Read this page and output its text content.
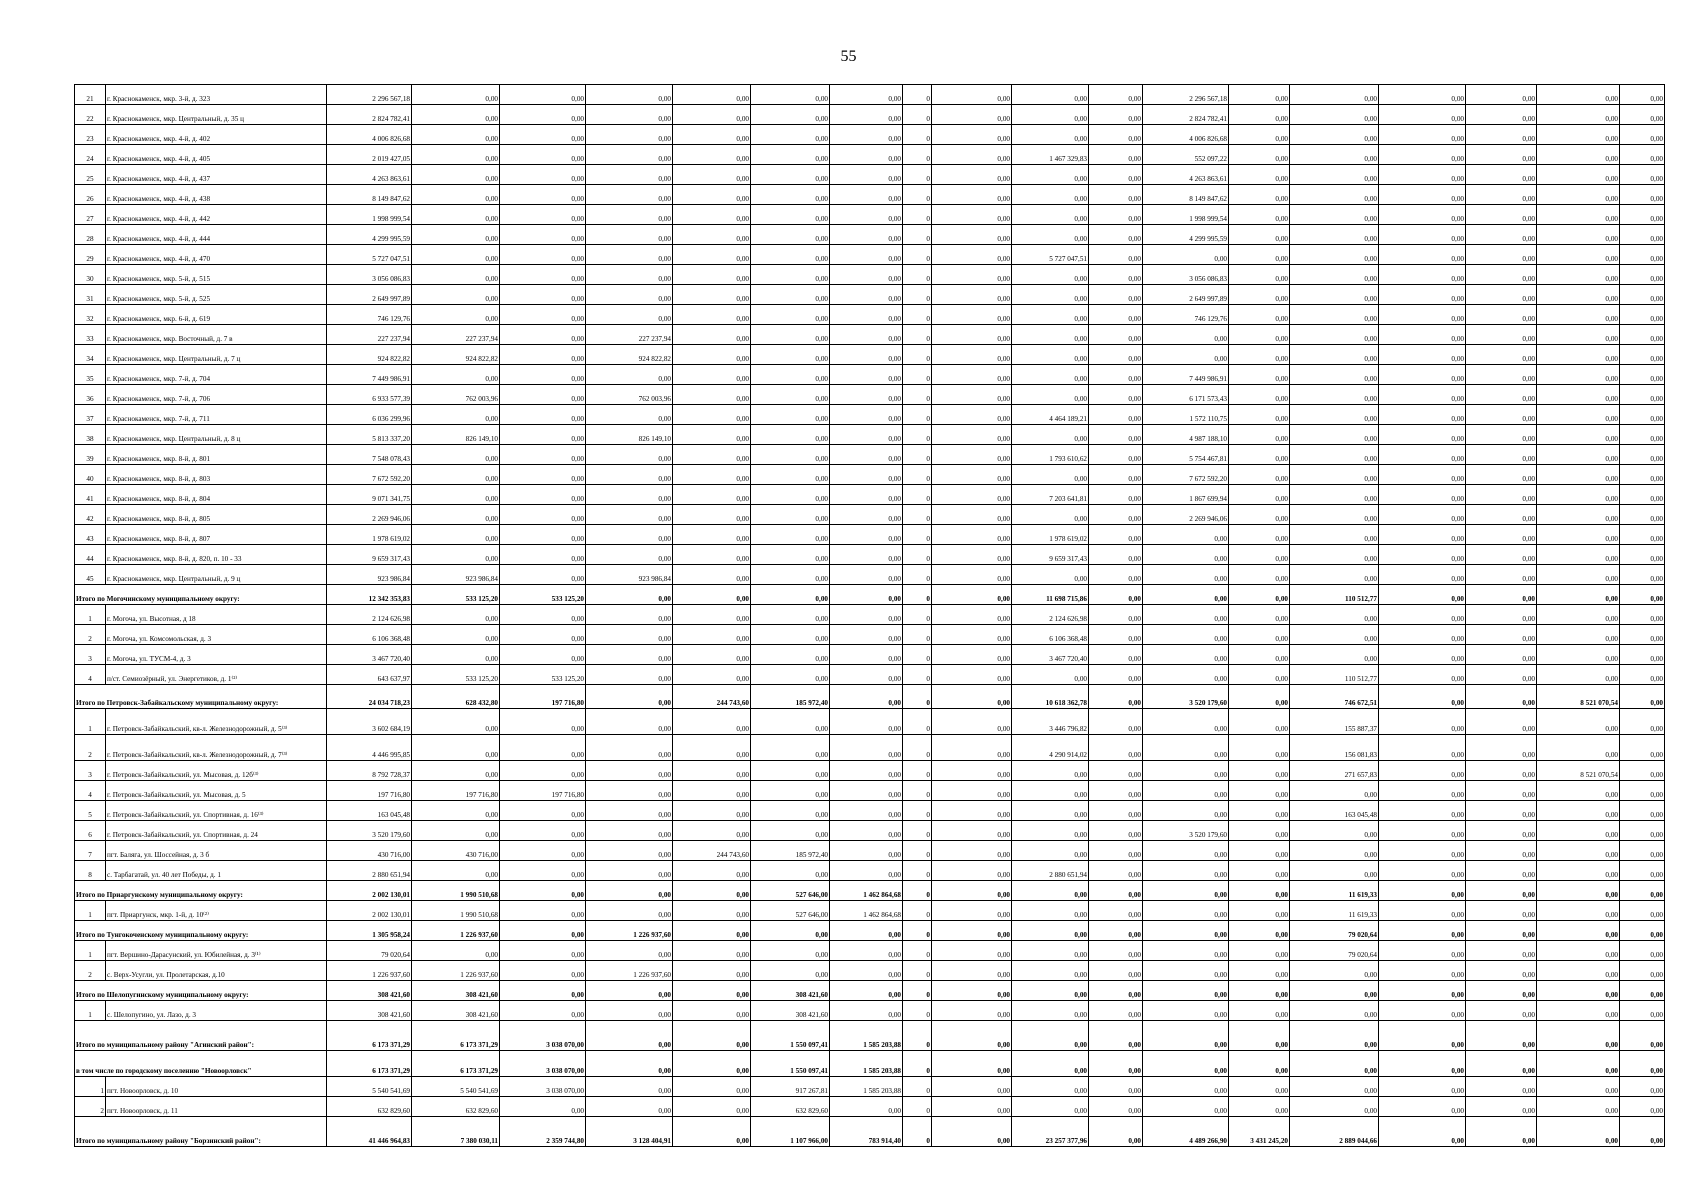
55
21	г. Краснокаменск, мкр. 3-й, д. 323	2 296 567,18	0,00	0,00	0,00	0,00	0,00	0,00	0	0,00	0,00	0,00	2 296 567,18	0,00	0,00	0,00	0,00	0,00	0,00
22	г. Краснокаменск, мкр. Центральный, д. 35 ц	2 824 782,41	0,00	0,00	0,00	0,00	0,00	0,00	0	0,00	0,00	0,00	2 824 782,41	0,00	0,00	0,00	0,00	0,00	0,00
23	г. Краснокаменск, мкр. 4-й, д. 402	4 006 826,68	0,00	0,00	0,00	0,00	0,00	0,00	0	0,00	0,00	0,00	4 006 826,68	0,00	0,00	0,00	0,00	0,00	0,00
24	г. Краснокаменск, мкр. 4-й, д. 405	2 019 427,05	0,00	0,00	0,00	0,00	0,00	0,00	0	0,00	1 467 329,83	0,00	552 097,22	0,00	0,00	0,00	0,00	0,00	0,00
25	г. Краснокаменск, мкр. 4-й, д. 437	4 263 863,61	0,00	0,00	0,00	0,00	0,00	0,00	0	0,00	0,00	0,00	4 263 863,61	0,00	0,00	0,00	0,00	0,00	0,00
26	г. Краснокаменск, мкр. 4-й, д. 438	8 149 847,62	0,00	0,00	0,00	0,00	0,00	0,00	0	0,00	0,00	0,00	8 149 847,62	0,00	0,00	0,00	0,00	0,00	0,00
27	г. Краснокаменск, мкр. 4-й, д. 442	1 998 999,54	0,00	0,00	0,00	0,00	0,00	0,00	0	0,00	0,00	0,00	1 998 999,54	0,00	0,00	0,00	0,00	0,00	0,00
28	г. Краснокаменск, мкр. 4-й, д. 444	4 299 995,59	0,00	0,00	0,00	0,00	0,00	0,00	0	0,00	0,00	0,00	4 299 995,59	0,00	0,00	0,00	0,00	0,00	0,00
29	г. Краснокаменск, мкр. 4-й, д. 470	5 727 047,51	0,00	0,00	0,00	0,00	0,00	0,00	0	0,00	5 727 047,51	0,00	0,00	0,00	0,00	0,00	0,00	0,00	0,00
30	г. Краснокаменск, мкр. 5-й, д. 515	3 056 086,83	0,00	0,00	0,00	0,00	0,00	0,00	0	0,00	0,00	0,00	3 056 086,83	0,00	0,00	0,00	0,00	0,00	0,00
31	г. Краснокаменск, мкр. 5-й, д. 525	2 649 997,89	0,00	0,00	0,00	0,00	0,00	0,00	0	0,00	0,00	0,00	2 649 997,89	0,00	0,00	0,00	0,00	0,00	0,00
32	г. Краснокаменск, мкр. 6-й, д. 619	746 129,76	0,00	0,00	0,00	0,00	0,00	0,00	0	0,00	0,00	0,00	746 129,76	0,00	0,00	0,00	0,00	0,00	0,00
33	г. Краснокаменск, мкр. Восточный, д. 7 в	227 237,94	227 237,94	0,00	227 237,94	0,00	0,00	0,00	0	0,00	0,00	0,00	0,00	0,00	0,00	0,00	0,00	0,00	0,00
34	г. Краснокаменск, мкр. Центральный, д. 7 ц	924 822,82	924 822,82	0,00	924 822,82	0,00	0,00	0,00	0	0,00	0,00	0,00	0,00	0,00	0,00	0,00	0,00	0,00	0,00
35	г. Краснокаменск, мкр. 7-й, д. 704	7 449 986,91	0,00	0,00	0,00	0,00	0,00	0,00	0	0,00	0,00	0,00	7 449 986,91	0,00	0,00	0,00	0,00	0,00	0,00
36	г. Краснокаменск, мкр. 7-й, д. 706	6 933 577,39	762 003,96	0,00	762 003,96	0,00	0,00	0,00	0	0,00	0,00	0,00	6 171 573,43	0,00	0,00	0,00	0,00	0,00	0,00
37	г. Краснокаменск, мкр. 7-й, д. 711	6 036 299,96	0,00	0,00	0,00	0,00	0,00	0,00	0	0,00	4 464 189,21	0,00	1 572 110,75	0,00	0,00	0,00	0,00	0,00	0,00
38	г. Краснокаменск, мкр. Центральный, д. 8 ц	5 813 337,20	826 149,10	0,00	826 149,10	0,00	0,00	0,00	0	0,00	0,00	0,00	4 987 188,10	0,00	0,00	0,00	0,00	0,00	0,00
39	г. Краснокаменск, мкр. 8-й, д. 801	7 548 078,43	0,00	0,00	0,00	0,00	0,00	0,00	0	0,00	1 793 610,62	0,00	5 754 467,81	0,00	0,00	0,00	0,00	0,00	0,00
40	г. Краснокаменск, мкр. 8-й, д. 803	7 672 592,20	0,00	0,00	0,00	0,00	0,00	0,00	0	0,00	0,00	0,00	7 672 592,20	0,00	0,00	0,00	0,00	0,00	0,00
41	г. Краснокаменск, мкр. 8-й, д. 804	9 071 341,75	0,00	0,00	0,00	0,00	0,00	0,00	0	0,00	7 203 641,81	0,00	1 867 699,94	0,00	0,00	0,00	0,00	0,00	0,00
42	г. Краснокаменск, мкр. 8-й, д. 805	2 269 946,06	0,00	0,00	0,00	0,00	0,00	0,00	0	0,00	0,00	0,00	2 269 946,06	0,00	0,00	0,00	0,00	0,00	0,00
43	г. Краснокаменск, мкр. 8-й, д. 807	1 978 619,02	0,00	0,00	0,00	0,00	0,00	0,00	0	0,00	1 978 619,02	0,00	0,00	0,00	0,00	0,00	0,00	0,00	0,00
44	г. Краснокаменск, мкр. 8-й, д. 820, п. 10 - 33	9 659 317,43	0,00	0,00	0,00	0,00	0,00	0,00	0	0,00	9 659 317,43	0,00	0,00	0,00	0,00	0,00	0,00	0,00	0,00
45	г. Краснокаменск, мкр. Центральный, д. 9 ц	923 986,84	923 986,84	0,00	923 986,84	0,00	0,00	0,00	0	0,00	0,00	0,00	0,00	0,00	0,00	0,00	0,00	0,00	0,00
Итого по Могочинскому муниципальному округу:		12 342 353,83	533 125,20	533 125,20	0,00	0,00	0,00	0,00	0	0,00	11 698 715,86	0,00	0,00	0,00	110 512,77	0,00	0,00	0,00	0,00
1	г. Могоча, ул. Высотная, д 18	2 124 626,98	0,00	0,00	0,00	0,00	0,00	0,00	0	0,00	2 124 626,98	0,00	0,00	0,00	0,00	0,00	0,00	0,00	0,00
2	г. Могоча, ул. Комсомольская, д. 3	6 106 368,48	0,00	0,00	0,00	0,00	0,00	0,00	0	0,00	6 106 368,48	0,00	0,00	0,00	0,00	0,00	0,00	0,00	0,00
3	г. Могоча, ул. ТУСМ-4, д. 3	3 467 720,40	0,00	0,00	0,00	0,00	0,00	0,00	0	0,00	3 467 720,40	0,00	0,00	0,00	0,00	0,00	0,00	0,00	0,00
4	п/ст. Семиозёрный, ул. Энергетиков, д. 1⁽²⁾	643 637,97	533 125,20	533 125,20	0,00	0,00	0,00	0,00	0	0,00	0,00	0,00	0,00	0,00	110 512,77	0,00	0,00	0,00	0,00
Итого по Петровск-Забайкальскому муниципальному округу:		24 034 718,23	628 432,80	197 716,80	0,00	244 743,60	185 972,40	0,00	0	0,00	10 618 362,78	0,00	3 520 179,60	0,00	746 672,51	0,00	0,00	8 521 070,54	0,00
1	г. Петровск-Забайкальский, кв-л. Железнодорожный, д. 5⁽³⁾	3 602 684,19	0,00	0,00	0,00	0,00	0,00	0,00	0	0,00	3 446 796,82	0,00	0,00	0,00	155 887,37	0,00	0,00	0,00	0,00
2	г. Петровск-Забайкальский, кв-л. Железнодорожный, д. 7⁽³⁾	4 446 995,85	0,00	0,00	0,00	0,00	0,00	0,00	0	0,00	4 290 914,02	0,00	0,00	0,00	156 081,83	0,00	0,00	0,00	0,00
3	г. Петровск-Забайкальский, ул. Мысовая, д. 12б⁽³⁾	8 792 728,37	0,00	0,00	0,00	0,00	0,00	0,00	0	0,00	0,00	0,00	0,00	0,00	271 657,83	0,00	0,00	8 521 070,54	0,00
4	г. Петровск-Забайкальский, ул. Мысовая, д. 5	197 716,80	197 716,80	197 716,80	0,00	0,00	0,00	0,00	0	0,00	0,00	0,00	0,00	0,00	0,00	0,00	0,00	0,00	0,00
5	г. Петровск-Забайкальский, ул. Спортивная, д. 16⁽³⁾	163 045,48	0,00	0,00	0,00	0,00	0,00	0,00	0	0,00	0,00	0,00	0,00	0,00	163 045,48	0,00	0,00	0,00	0,00
6	г. Петровск-Забайкальский, ул. Спортивная, д. 24	3 520 179,60	0,00	0,00	0,00	0,00	0,00	0,00	0	0,00	0,00	0,00	3 520 179,60	0,00	0,00	0,00	0,00	0,00	0,00
7	пгт. Баляга, ул. Шоссейная, д. 3 б	430 716,00	430 716,00	0,00	0,00	244 743,60	185 972,40	0,00	0	0,00	0,00	0,00	0,00	0,00	0,00	0,00	0,00	0,00	0,00
8	с. Тарбагатай, ул. 40 лет Победы, д. 1	2 880 651,94	0,00	0,00	0,00	0,00	0,00	0,00	0	0,00	2 880 651,94	0,00	0,00	0,00	0,00	0,00	0,00	0,00	0,00
Итого по Приаргунскому муниципальному округу:		2 002 130,01	1 990 510,68	0,00	0,00	0,00	527 646,00	1 462 864,68	0	0,00	0,00	0,00	0,00	0,00	11 619,33	0,00	0,00	0,00	0,00
1	пгт. Приаргунск, мкр. 1-й, д. 10⁽²⁾	2 002 130,01	1 990 510,68	0,00	0,00	0,00	527 646,00	1 462 864,68	0	0,00	0,00	0,00	0,00	0,00	11 619,33	0,00	0,00	0,00	0,00
Итого по Тунгокоченскому муниципальному округу:		1 305 958,24	1 226 937,60	0,00	1 226 937,60	0,00	0,00	0,00	0	0,00	0,00	0,00	0,00	0,00	79 020,64	0,00	0,00	0,00	0,00
1	пгт. Вершино-Дарасунский, ул. Юбилейная, д. 3⁽¹⁾	79 020,64	0,00	0,00	0,00	0,00	0,00	0,00	0	0,00	0,00	0,00	0,00	0,00	79 020,64	0,00	0,00	0,00	0,00
2	с. Верх-Усугли, ул. Пролетарская, д.10	1 226 937,60	1 226 937,60	0,00	1 226 937,60	0,00	0,00	0,00	0	0,00	0,00	0,00	0,00	0,00	0,00	0,00	0,00	0,00	0,00
Итого по Шелопугинскому муниципальному округу:		308 421,60	308 421,60	0,00	0,00	0,00	308 421,60	0,00	0	0,00	0,00	0,00	0,00	0,00	0,00	0,00	0,00	0,00	0,00
1	с. Шелопугино, ул. Лазо, д. 3	308 421,60	308 421,60	0,00	0,00	0,00	308 421,60	0,00	0	0,00	0,00	0,00	0,00	0,00	0,00	0,00	0,00	0,00	0,00
Итого по муниципальному району "Агинский район":		6 173 371,29	6 173 371,29	3 038 070,00	0,00	0,00	1 550 097,41	1 585 203,88	0	0,00	0,00	0,00	0,00	0,00	0,00	0,00	0,00	0,00	0,00
в том числе по городскому поселению "Новоорловск"		6 173 371,29	6 173 371,29	3 038 070,00	0,00	0,00	1 550 097,41	1 585 203,88	0	0,00	0,00	0,00	0,00	0,00	0,00	0,00	0,00	0,00	0,00
1	пгт. Новоорловск, д. 10	5 540 541,69	5 540 541,69	3 038 070,00	0,00	0,00	917 267,81	1 585 203,88	0	0,00	0,00	0,00	0,00	0,00	0,00	0,00	0,00	0,00	0,00
2	пгт. Новоорловск, д. 11	632 829,60	632 829,60	0,00	0,00	0,00	632 829,60	0,00	0	0,00	0,00	0,00	0,00	0,00	0,00	0,00	0,00	0,00	0,00
Итого по муниципальному району "Борзинский район":		41 446 964,83	7 380 030,11	2 359 744,80	3 128 404,91	0,00	1 107 966,00	783 914,40	0	0,00	23 257 377,96	0,00	4 489 266,90	3 431 245,20	2 889 044,66	0,00	0,00	0,00	0,00
